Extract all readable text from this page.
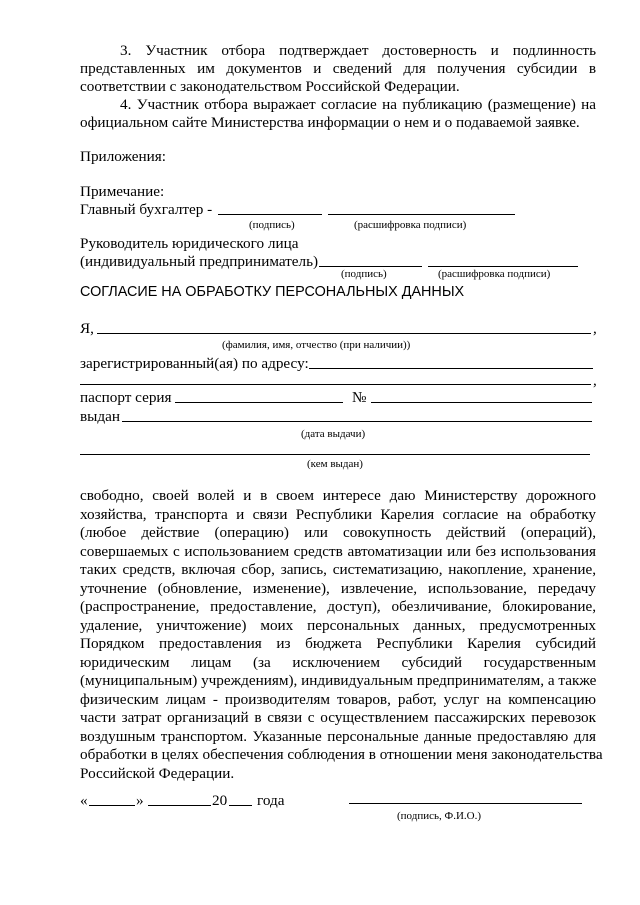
3. Участник отбора подтверждает достоверность и подлинность
представленных им документов и сведений для получения субсидии в
соответствии с законодательством Российской Федерации.
4. Участник отбора выражает согласие на публикацию (размещение) на
официальном сайте Министерства информации о нем и о подаваемой заявке.
Приложения:
Примечание:
Главный бухгалтер -
(подпись)	(расшифровка подписи)
Руководитель юридического лица
(индивидуальный предприниматель)
(подпись)	(расшифровка подписи)
СОГЛАСИЕ НА ОБРАБОТКУ ПЕРСОНАЛЬНЫХ ДАННЫХ
Я,	,
(фамилия, имя, отчество (при наличии))
зарегистрированный(ая) по адресу:
,
паспорт серия	№
выдан
(дата выдачи)
(кем выдан)
свободно, своей волей и в своем интересе даю Министерству дорожного
хозяйства, транспорта и связи Республики Карелия согласие на обработку
(любое действие (операцию) или совокупность действий (операций),
совершаемых с использованием средств автоматизации или без использования
таких средств, включая сбор, запись, систематизацию, накопление, хранение,
уточнение (обновление, изменение), извлечение, использование, передачу
(распространение, предоставление, доступ), обезличивание, блокирование,
удаление, уничтожение) моих персональных данных, предусмотренных
Порядком предоставления из бюджета Республики Карелия субсидий
юридическим лицам (за исключением субсидий государственным
(муниципальным) учреждениям), индивидуальным предпринимателям, а также
физическим лицам - производителям товаров, работ, услуг на компенсацию
части затрат организаций в связи с осуществлением пассажирских перевозок
воздушным транспортом. Указанные персональные данные предоставляю для
обработки в целях обеспечения соблюдения в отношении меня законодательства
Российской Федерации.
«	»	20 года
(подпись, Ф.И.О.)
